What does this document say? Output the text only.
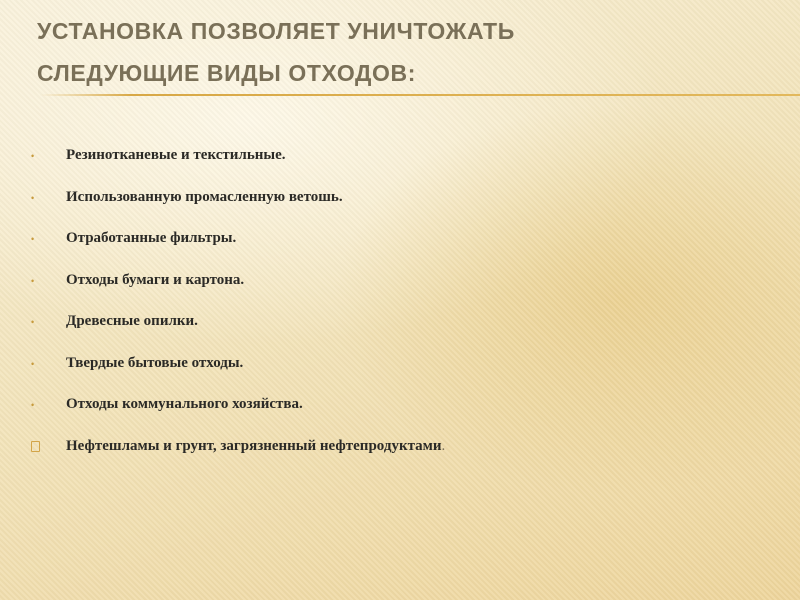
УСТАНОВКА ПОЗВОЛЯЕТ УНИЧТОЖАТЬ
СЛЕДУЮЩИЕ ВИДЫ ОТХОДОВ:
Резинотканевые и текстильные.
Использованную промасленную ветошь.
Отработанные фильтры.
Отходы бумаги и картона.
Древесные опилки.
Твердые бытовые отходы.
Отходы коммунального хозяйства.
Нефтешламы и грунт, загрязненный нефтепродуктами.
